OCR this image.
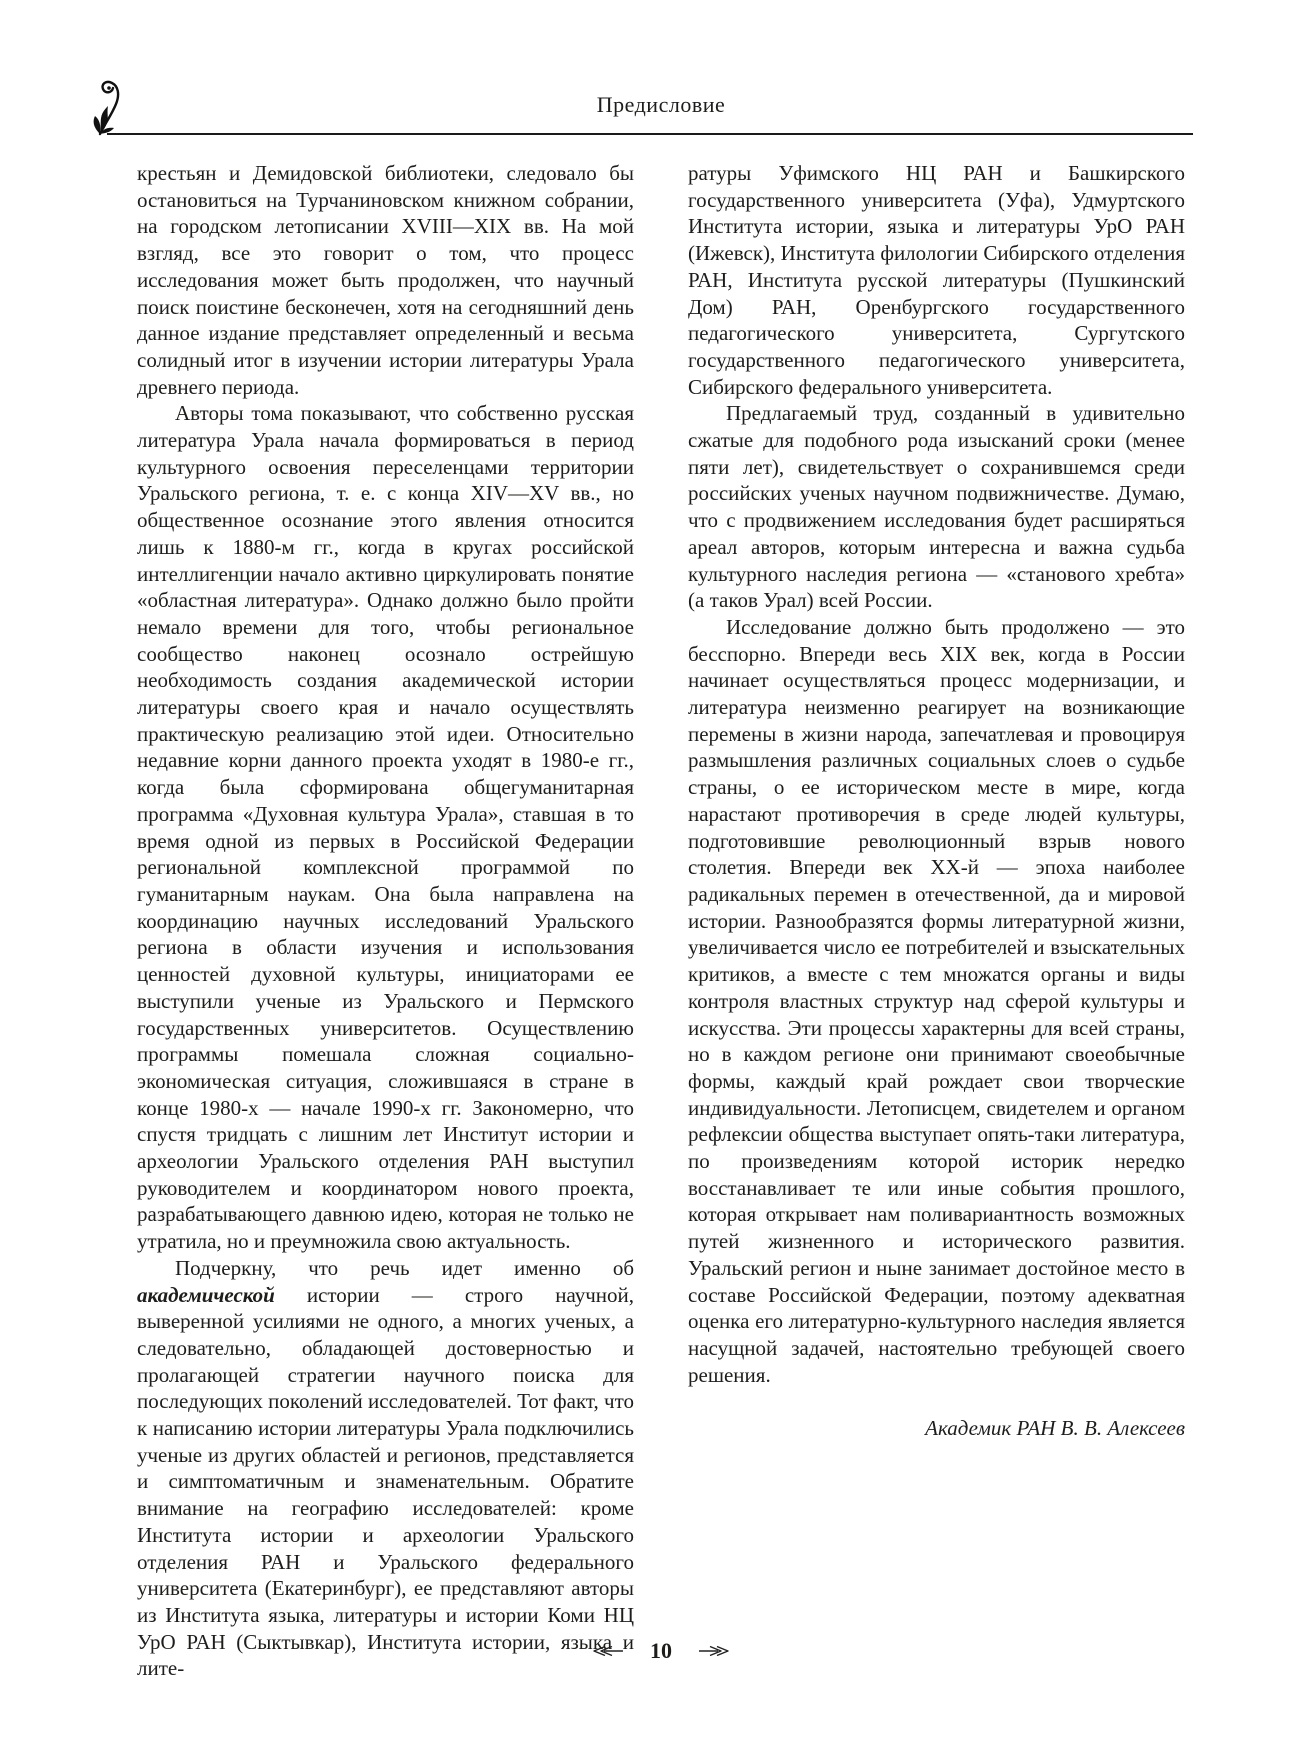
Предисловие

крестьян и Демидовской библиотеки, следовало бы остановиться на Турчаниновском книжном собрании, на городском летописании XVIII—XIX вв. На мой взгляд, все это говорит о том, что процесс исследования может быть продолжен, что научный поиск поистине бесконечен, хотя на сегодняшний день данное издание представляет определенный и весьма солидный итог в изучении истории литературы Урала древнего периода.

Авторы тома показывают, что собственно русская литература Урала начала формироваться в период культурного освоения переселенцами территории Уральского региона, т. е. с конца XIV—XV вв., но общественное осознание этого явления относится лишь к 1880-м гг., когда в кругах российской интеллигенции начало активно циркулировать понятие «областная литература». Однако должно было пройти немало времени для того, чтобы региональное сообщество наконец осознало острейшую необходимость создания академической истории литературы своего края и начало осуществлять практическую реализацию этой идеи. Относительно недавние корни данного проекта уходят в 1980-е гг., когда была сформирована общегуманитарная программа «Духовная культура Урала», ставшая в то время одной из первых в Российской Федерации региональной комплексной программой по гуманитарным наукам. Она была направлена на координацию научных исследований Уральского региона в области изучения и использования ценностей духовной культуры, инициаторами ее выступили ученые из Уральского и Пермского государственных университетов. Осуществлению программы помешала сложная социально-экономическая ситуация, сложившаяся в стране в конце 1980-х — начале 1990-х гг. Закономерно, что спустя тридцать с лишним лет Институт истории и археологии Уральского отделения РАН выступил руководителем и координатором нового проекта, разрабатывающего давнюю идею, которая не только не утратила, но и преумножила свою актуальность.

Подчеркну, что речь идет именно об академической истории — строго научной, выверенной усилиями не одного, а многих ученых, а следовательно, обладающей достоверностью и пролагающей стратегии научного поиска для последующих поколений исследователей. Тот факт, что к написанию истории литературы Урала подключились ученые из других областей и регионов, представляется и симптоматичным и знаменательным. Обратите внимание на географию исследователей: кроме Института истории и археологии Уральского отделения РАН и Уральского федерального университета (Екатеринбург), ее представляют авторы из Института языка, литературы и истории Коми НЦ УрО РАН (Сыктывкар), Института истории, языка и лите-

ратуры Уфимского НЦ РАН и Башкирского государственного университета (Уфа), Удмуртского Института истории, языка и литературы УрО РАН (Ижевск), Института филологии Сибирского отделения РАН, Института русской литературы (Пушкинский Дом) РАН, Оренбургского государственного педагогического университета, Сургутского государственного педагогического университета, Сибирского федерального университета.

Предлагаемый труд, созданный в удивительно сжатые для подобного рода изысканий сроки (менее пяти лет), свидетельствует о сохранившемся среди российских ученых научном подвижничестве. Думаю, что с продвижением исследования будет расширяться ареал авторов, которым интересна и важна судьба культурного наследия региона — «станового хребта» (а таков Урал) всей России.

Исследование должно быть продолжено — это бесспорно. Впереди весь XIX век, когда в России начинает осуществляться процесс модернизации, и литература неизменно реагирует на возникающие перемены в жизни народа, запечатлевая и провоцируя размышления различных социальных слоев о судьбе страны, о ее историческом месте в мире, когда нарастают противоречия в среде людей культуры, подготовившие революционный взрыв нового столетия. Впереди век XX-й — эпоха наиболее радикальных перемен в отечественной, да и мировой истории. Разнообразятся формы литературной жизни, увеличивается число ее потребителей и взыскательных критиков, а вместе с тем множатся органы и виды контроля властных структур над сферой культуры и искусства. Эти процессы характерны для всей страны, но в каждом регионе они принимают своеобычные формы, каждый край рождает свои творческие индивидуальности. Летописцем, свидетелем и органом рефлексии общества выступает опять-таки литература, по произведениям которой историк нередко восстанавливает те или иные события прошлого, которая открывает нам поливариантность возможных путей жизненного и исторического развития. Уральский регион и ныне занимает достойное место в составе Российской Федерации, поэтому адекватная оценка его литературно-культурного наследия является насущной задачей, настоятельно требующей своего решения.

Академик РАН В. В. Алексеев
10
